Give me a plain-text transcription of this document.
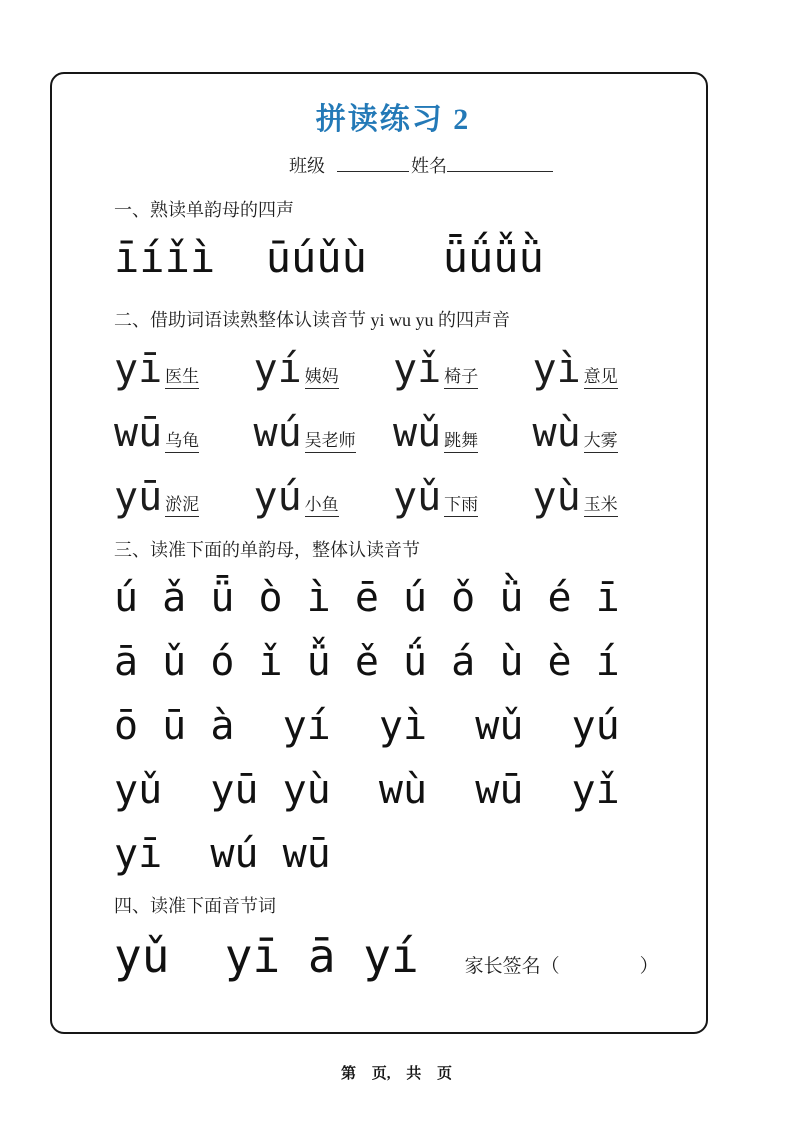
拼读练习 2
班级	姓名
一、熟读单韵母的四声
īíǐì  ūúǔù   ǖǘǚǜ
二、借助词语读熟整体认读音节 yi wu yu 的四声音
yī 医生 yí 姨妈 yǐ 椅子 yì 意见
wū 乌龟 wú 吴老师 wǔ 跳舞 wù 大雾
yū 淤泥 yú 小鱼 yǔ 下雨 yù 玉米
三、读准下面的单韵母，整体认读音节
ú ǎ ǖ ò ì ē ú ǒ ǜ é ī
ā ǔ ó ǐ ǚ ě ǘ á ù è í
ō ū à  yí  yì  wǔ  yú
yǔ  yū yù  wù  wū  yǐ
yī  wú wū
四、读准下面音节词
yǔ  yī ā yí 家长签名（	）
第 页, 共 页
